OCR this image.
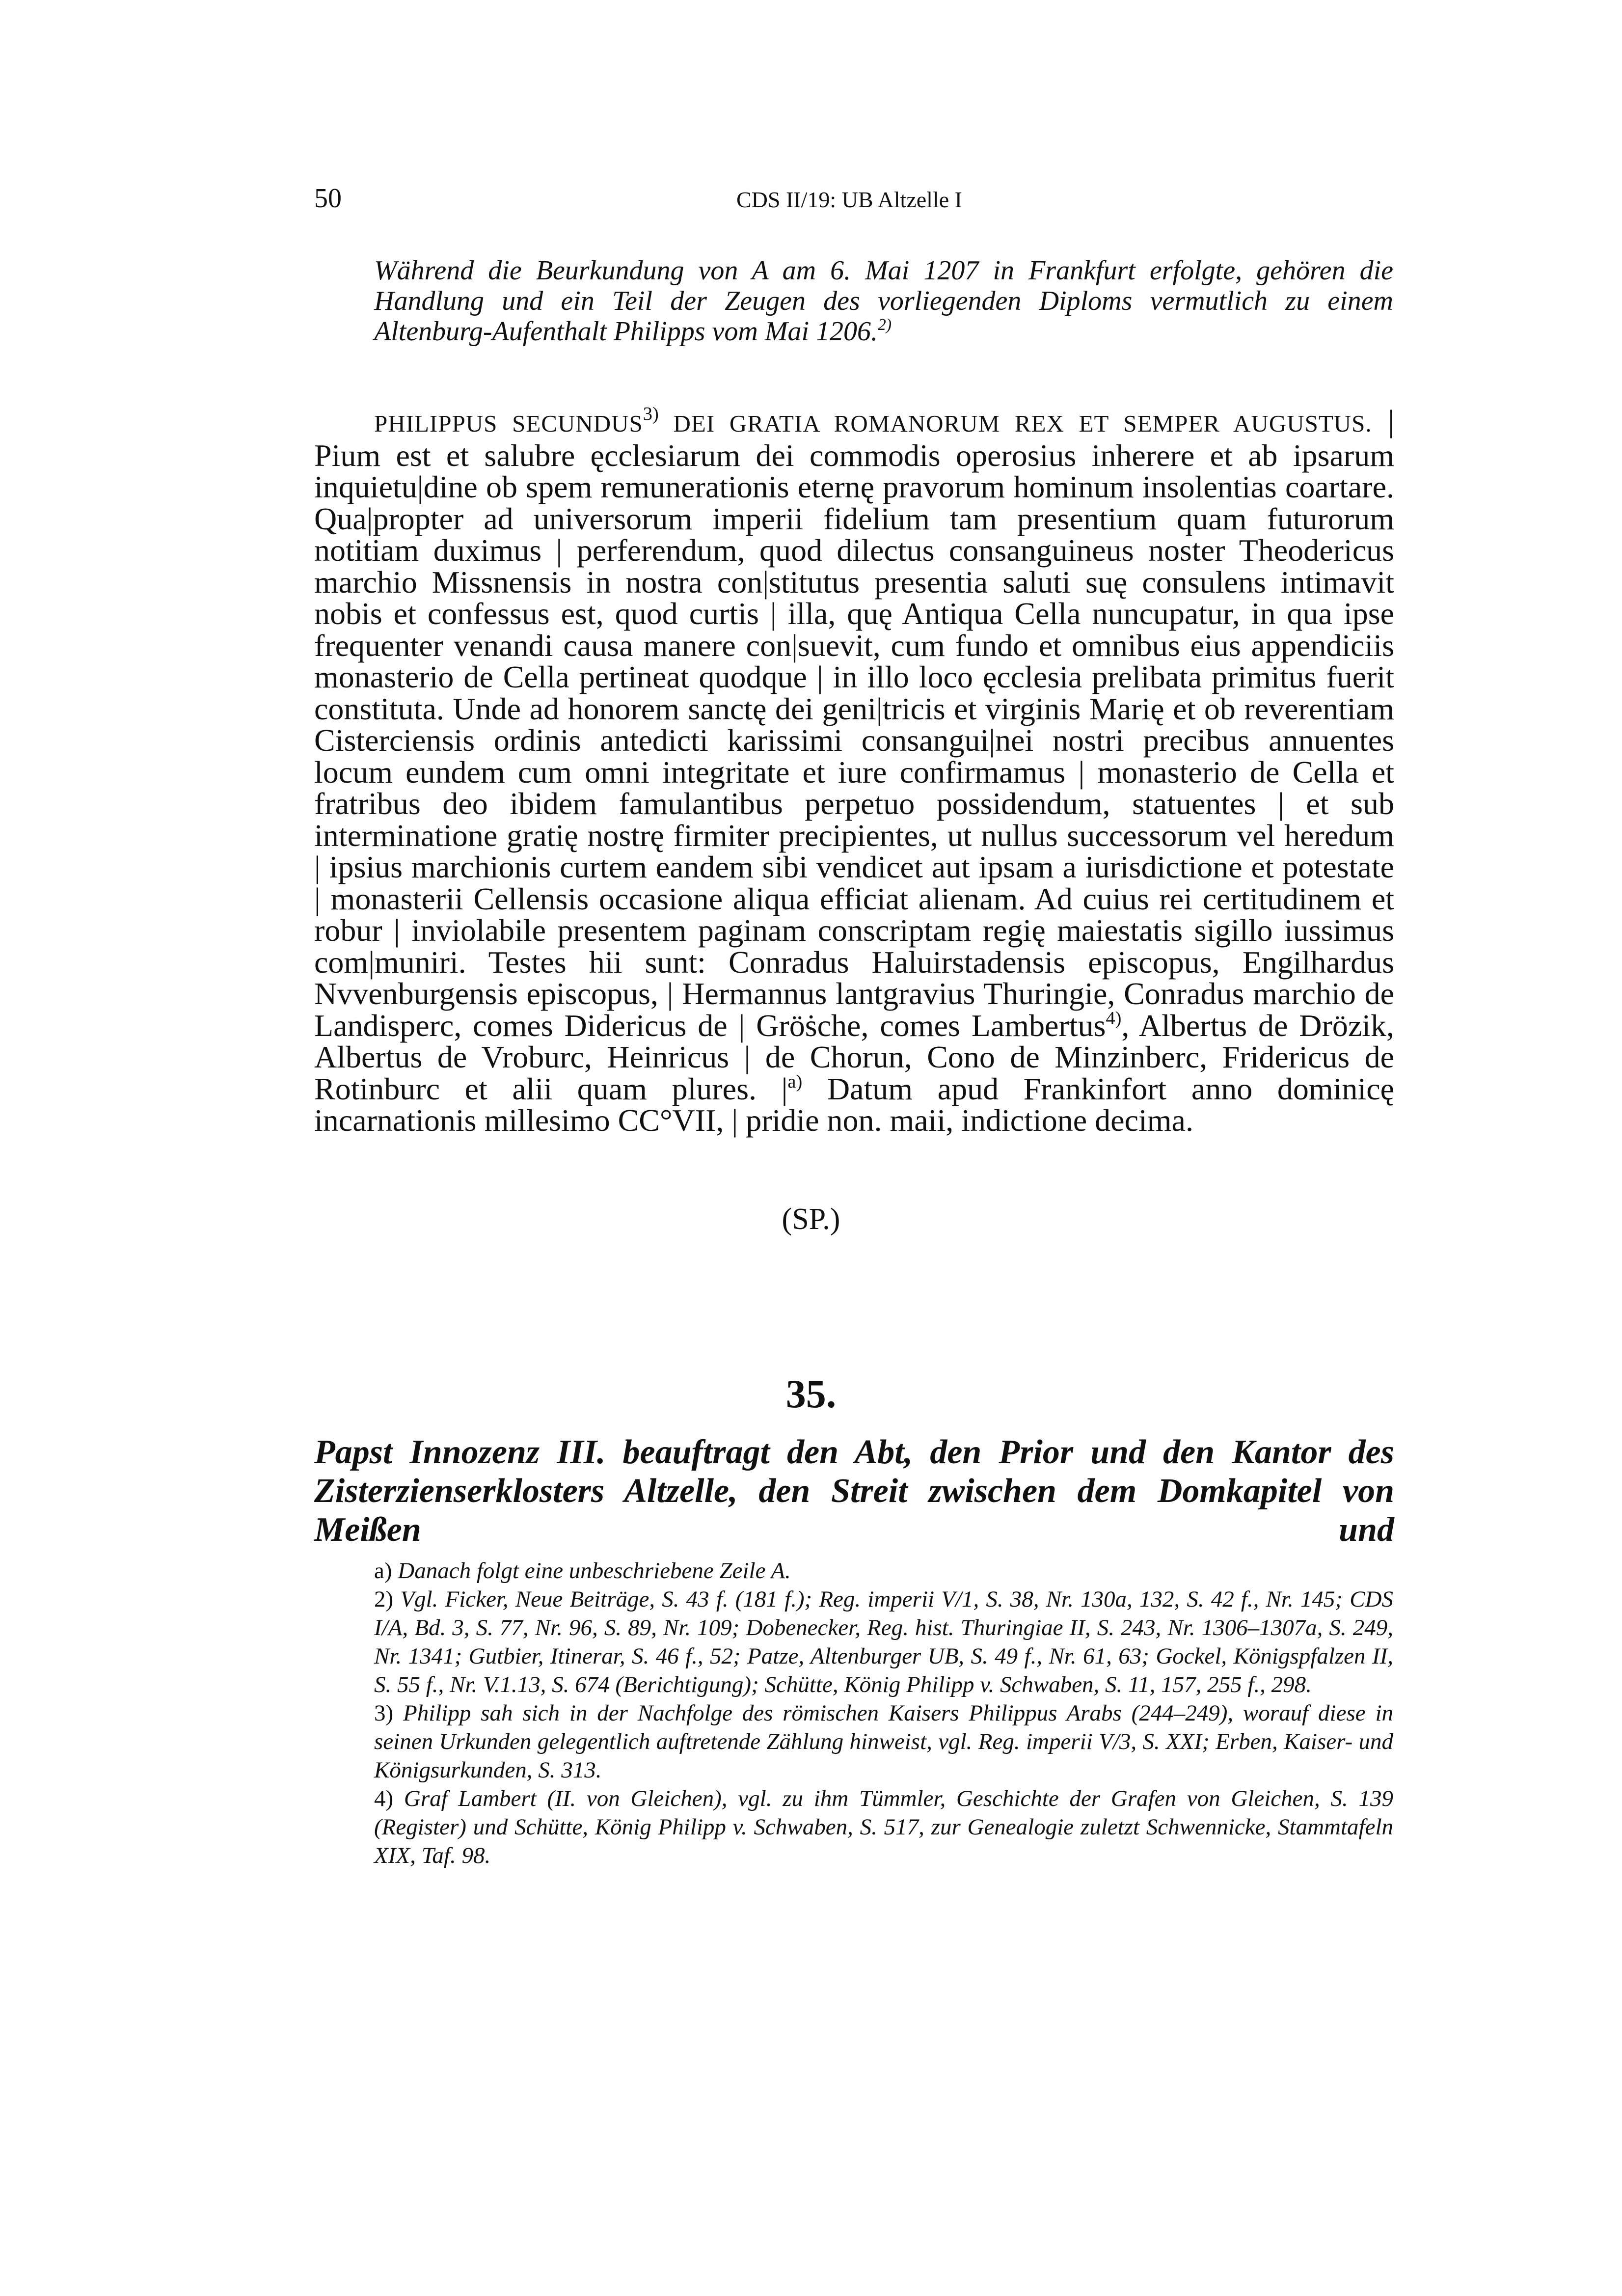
50	CDS II/19: UB Altzelle I
Während die Beurkundung von A am 6. Mai 1207 in Frankfurt erfolgte, gehören die Handlung und ein Teil der Zeugen des vorliegenden Diploms vermutlich zu einem Altenburg-Aufenthalt Philipps vom Mai 1206.$^{2)}$
PHILIPPUS SECUNDUS$^{3)}$ DEI GRATIA ROMANORUM REX ET SEMPER AUGUSTUS. | Pium est et salubre ęcclesiarum dei commodis operosius inherere et ab ipsarum inquietu|dine ob spem remunerationis eternę pravorum hominum insolentias coartare. Qua|propter ad universorum imperii fidelium tam presentium quam futurorum notitiam duximus | perferendum, quod dilectus consanguineus noster Theodericus marchio Missnensis in nostra con|stitutus presentia saluti suę consulens intimavit nobis et confessus est, quod curtis | illa, quę Antiqua Cella nuncupatur, in qua ipse frequenter venandi causa manere con|suevit, cum fundo et omnibus eius appendiciis monasterio de Cella pertineat quodque | in illo loco ęcclesia prelibata primitus fuerit constituta. Unde ad honorem sanctę dei geni|tricis et virginis Marię et ob reverentiam Cisterciensis ordinis antedicti karissimi consangui|nei nostri precibus annuentes locum eundem cum omni integritate et iure confirmamus | monasterio de Cella et fratribus deo ibidem famulantibus perpetuo possidendum, statuentes | et sub interminatione gratię nostrę firmiter precipientes, ut nullus successorum vel heredum | ipsius marchionis curtem eandem sibi vendicet aut ipsam a iurisdictione et potestate | monasterii Cellensis occasione aliqua efficiat alienam. Ad cuius rei certitudinem et robur | inviolabile presentem paginam conscriptam regię maiestatis sigillo iussimus com|muniri. Testes hii sunt: Conradus Haluirstadensis episcopus, Engilhardus Nvvenburgensis episcopus, | Hermannus lantgravius Thuringie, Conradus marchio de Landisperc, comes Didericus de | Gröṡche, comes Lambertus$^{4)}$, Albertus de Drözik, Albertus de Vroburc, Heinricus | de Chorun, Cono de Minzinberc, Fridericus de Rotinburc et alii quam plures. $|^{a)}$ Datum apud Frankinfort anno dominicę incarnationis millesimo CC°VII, | pridie non. maii, indictione decima.
(SP.)
35.
Papst Innozenz III. beauftragt den Abt, den Prior und den Kantor des Zisterzienserklosters Altzelle, den Streit zwischen dem Domkapitel von Meißen und

a) Danach folgt eine unbeschriebene Zeile A.

2) Vgl. Ficker, Neue Beiträge, S. 43 f. (181 f.); Reg. imperii V/1, S. 38, Nr. 130a, 132, S. 42 f., Nr. 145; CDS I/A, Bd. 3, S. 77, Nr. 96, S. 89, Nr. 109; Dobenecker, Reg. hist. Thuringiae II, S. 243, Nr. 1306–1307a, S. 249, Nr. 1341; Gutbier, Itinerar, S. 46 f., 52; Patze, Altenburger UB, S. 49 f., Nr. 61, 63; Gockel, Königspfalzen II, S. 55 f., Nr. V.1.13, S. 674 (Berichtigung); Schütte, König Philipp v. Schwaben, S. 11, 157, 255 f., 298.

3) Philipp sah sich in der Nachfolge des römischen Kaisers Philippus Arabs (244–249), worauf diese in seinen Urkunden gelegentlich auftretende Zählung hinweist, vgl. Reg. imperii V/3, S. XXI; Erben, Kaiser- und Königsurkunden, S. 313.

4) Graf Lambert (II. von Gleichen), vgl. zu ihm Tümmler, Geschichte der Grafen von Gleichen, S. 139 (Register) und Schütte, König Philipp v. Schwaben, S. 517, zur Genealogie zuletzt Schwennicke, Stammtafeln XIX, Taf. 98.
